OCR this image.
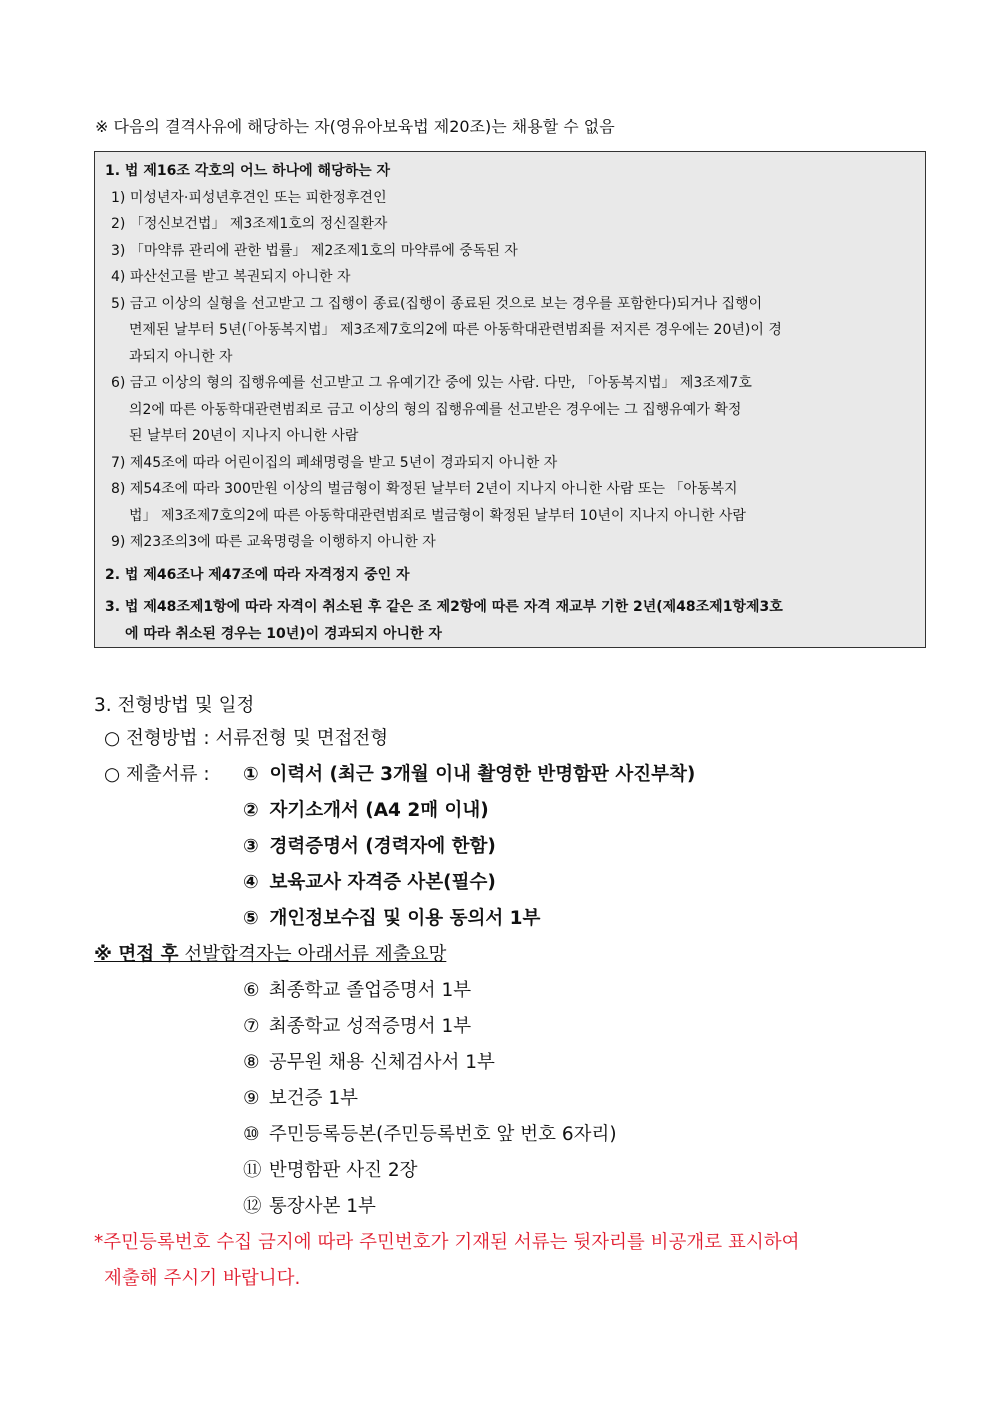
※ 다음의 결격사유에 해당하는 자(영유아보육법 제20조)는 채용할 수 없음
1. 법 제16조 각호의 어느 하나에 해당하는 자
1) 미성년자·피성년후견인 또는 피한정후견인
2) 「정신보건법」 제3조제1호의 정신질환자
3) 「마약류 관리에 관한 법률」 제2조제1호의 마약류에 중독된 자
4) 파산선고를 받고 복권되지 아니한 자
5) 금고 이상의 실형을 선고받고 그 집행이 종료(집행이 종료된 것으로 보는 경우를 포함한다)되거나 집행이
면제된 날부터 5년(「아동복지법」 제3조제7호의2에 따른 아동학대관련범죄를 저지른 경우에는 20년)이 경
과되지 아니한 자
6) 금고 이상의 형의 집행유예를 선고받고 그 유예기간 중에 있는 사람. 다만, 「아동복지법」 제3조제7호
의2에 따른 아동학대관련범죄로 금고 이상의 형의 집행유예를 선고받은 경우에는 그 집행유예가 확정
된 날부터 20년이 지나지 아니한 사람
7) 제45조에 따라 어린이집의 폐쇄명령을 받고 5년이 경과되지 아니한 자
8) 제54조에 따라 300만원 이상의 벌금형이 확정된 날부터 2년이 지나지 아니한 사람 또는 「아동복지
법」 제3조제7호의2에 따른 아동학대관련범죄로 벌금형이 확정된 날부터 10년이 지나지 아니한 사람
9) 제23조의3에 따른 교육명령을 이행하지 아니한 자
2. 법 제46조나 제47조에 따라 자격정지 중인 자
3. 법 제48조제1항에 따라 자격이 취소된 후 같은 조 제2항에 따른 자격 재교부 기한 2년(제48조제1항제3호
에 따라 취소된 경우는 10년)이 경과되지 아니한 자
3. 전형방법 및 일정
○ 전형방법 : 서류전형 및 면접전형
○ 제출서류 : ① 이력서 (최근 3개월 이내 촬영한 반명함판 사진부착)
② 자기소개서 (A4 2매 이내)
③ 경력증명서 (경력자에 한함)
④ 보육교사 자격증 사본(필수)
⑤ 개인정보수집 및 이용 동의서 1부
※ 면접 후 선발합격자는 아래서류 제출요망
⑥ 최종학교 졸업증명서 1부
⑦ 최종학교 성적증명서 1부
⑧ 공무원 채용 신체검사서 1부
⑨ 보건증 1부
⑩ 주민등록등본(주민등록번호 앞 번호 6자리)
⑪ 반명함판 사진 2장
⑫ 통장사본 1부
*주민등록번호 수집 금지에 따라 주민번호가 기재된 서류는 뒷자리를 비공개로 표시하여
제출해 주시기 바랍니다.
